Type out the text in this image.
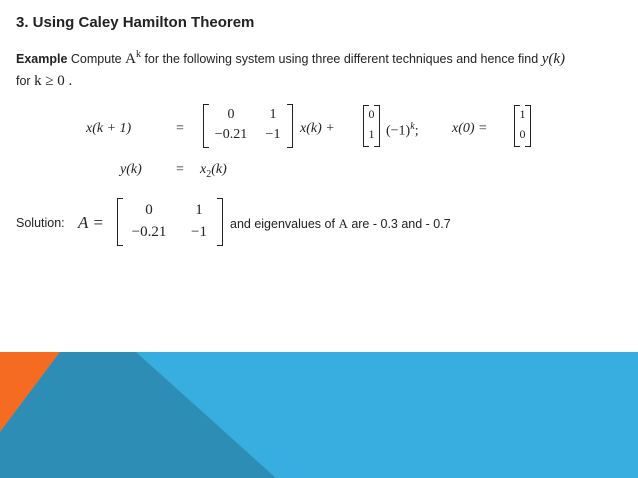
3. Using Caley Hamilton Theorem
Example Compute $A^k$ for the following system using three different techniques and hence find y(k)
for k ≥ 0 .
x(k + 1)	=
0	1
−0.21	−1	x(k) +
0
1 $(-1)^k$; x(0) =
1
0
$y(k) = x_2(k)$
Solution: A =
0	1
−0.21	−1	and eigenvalues of A are - 0.3 and - 0.7
